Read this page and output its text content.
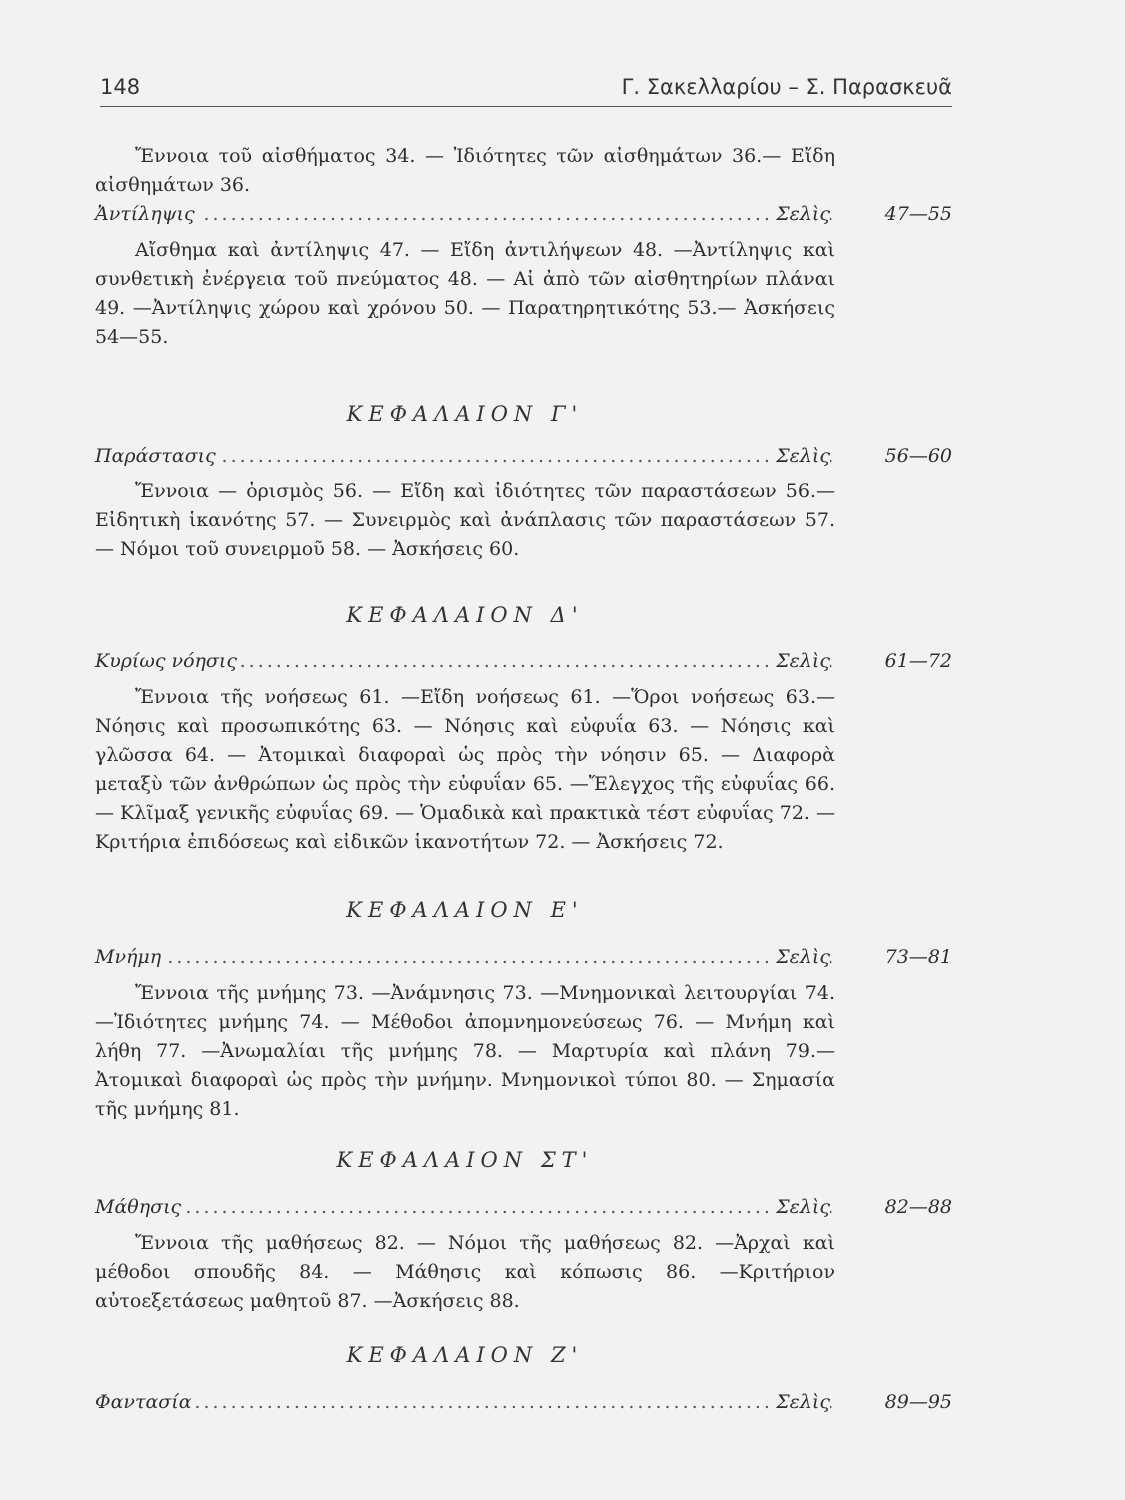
148	Γ. Σακελλαρίου – Σ. Παρασκευᾶ
Ἔννοια τοῦ αἰσθήματος 34. — Ἰδιότητες τῶν αἰσθημάτων 36.— Εἴδη αἰσθημάτων 36.
.....
Ἀντίληψις	Σελὶς	47—55
Αἴσθημα καὶ ἀντίληψις 47. — Εἴδη ἀντιλήψεων 48. —Ἀντίληψις καὶ συνθετικὴ ἐνέργεια τοῦ πνεύματος 48. — Αἱ ἀπὸ τῶν αἰσθητηρίων πλάναι 49. —Ἀντίληψις χώρου καὶ χρόνου 50. — Παρατηρητικότης 53.— Ἀσκήσεις 54—55.
ΚΕΦΑΛΑΙΟΝ Γ'
.....
Παράστασις	Σελὶς	56—60
Ἔννοια — ὁρισμὸς 56. — Εἴδη καὶ ἰδιότητες τῶν παραστάσεων 56.— Εἰδητικὴ ἱκανότης 57. — Συνειρμὸς καὶ ἀνάπλασις τῶν παραστάσεων 57. — Νόμοι τοῦ συνειρμοῦ 58. — Ἀσκήσεις 60.
ΚΕΦΑΛΑΙΟΝ Δ'
.....
Κυρίως νόησις	Σελὶς	61—72
Ἔννοια τῆς νοήσεως 61. —Εἴδη νοήσεως 61. —Ὅροι νοήσεως 63.— Νόησις καὶ προσωπικότης 63. — Νόησις καὶ εὐφυΐα 63. — Νόησις καὶ γλῶσσα 64. — Ἀτομικαὶ διαφοραὶ ὡς πρὸς τὴν νόησιν 65. — Διαφορὰ μεταξὺ τῶν ἀνθρώπων ὡς πρὸς τὴν εὐφυΐαν 65. —Ἔλεγχος τῆς εὐφυΐας 66. — Κλῖμαξ γενικῆς εὐφυΐας 69. — Ὁμαδικὰ καὶ πρακτικὰ τέστ εὐφυΐας 72. — Κριτήρια ἐπιδόσεως καὶ εἰδικῶν ἱκανοτήτων 72. — Ἀσκήσεις 72.
ΚΕΦΑΛΑΙΟΝ Ε'
.....
Μνήμη	Σελὶς	73—81
Ἔννοια τῆς μνήμης 73. —Ἀνάμνησις 73. —Μνημονικαὶ λειτουργίαι 74. —Ἰδιότητες μνήμης 74. — Μέθοδοι ἀπομνημονεύσεως 76. — Μνήμη καὶ λήθη 77. —Ἀνωμαλίαι τῆς μνήμης 78. — Μαρτυρία καὶ πλάνη 79.— Ἀτομικαὶ διαφοραὶ ὡς πρὸς τὴν μνήμην. Μνημονικοὶ τύποι 80. — Σημασία τῆς μνήμης 81.
ΚΕΦΑΛΑΙΟΝ ΣΤ'
.....
Μάθησις	Σελὶς	82—88
Ἔννοια τῆς μαθήσεως 82. — Νόμοι τῆς μαθήσεως 82. —Ἀρχαὶ καὶ μέθοδοι σπουδῆς 84. — Μάθησις καὶ κόπωσις 86. —Κριτήριον αὐτοεξετάσεως μαθητοῦ 87. —Ἀσκήσεις 88.
ΚΕΦΑΛΑΙΟΝ Ζ'
.....
Φαντασία	Σελὶς	89—95
